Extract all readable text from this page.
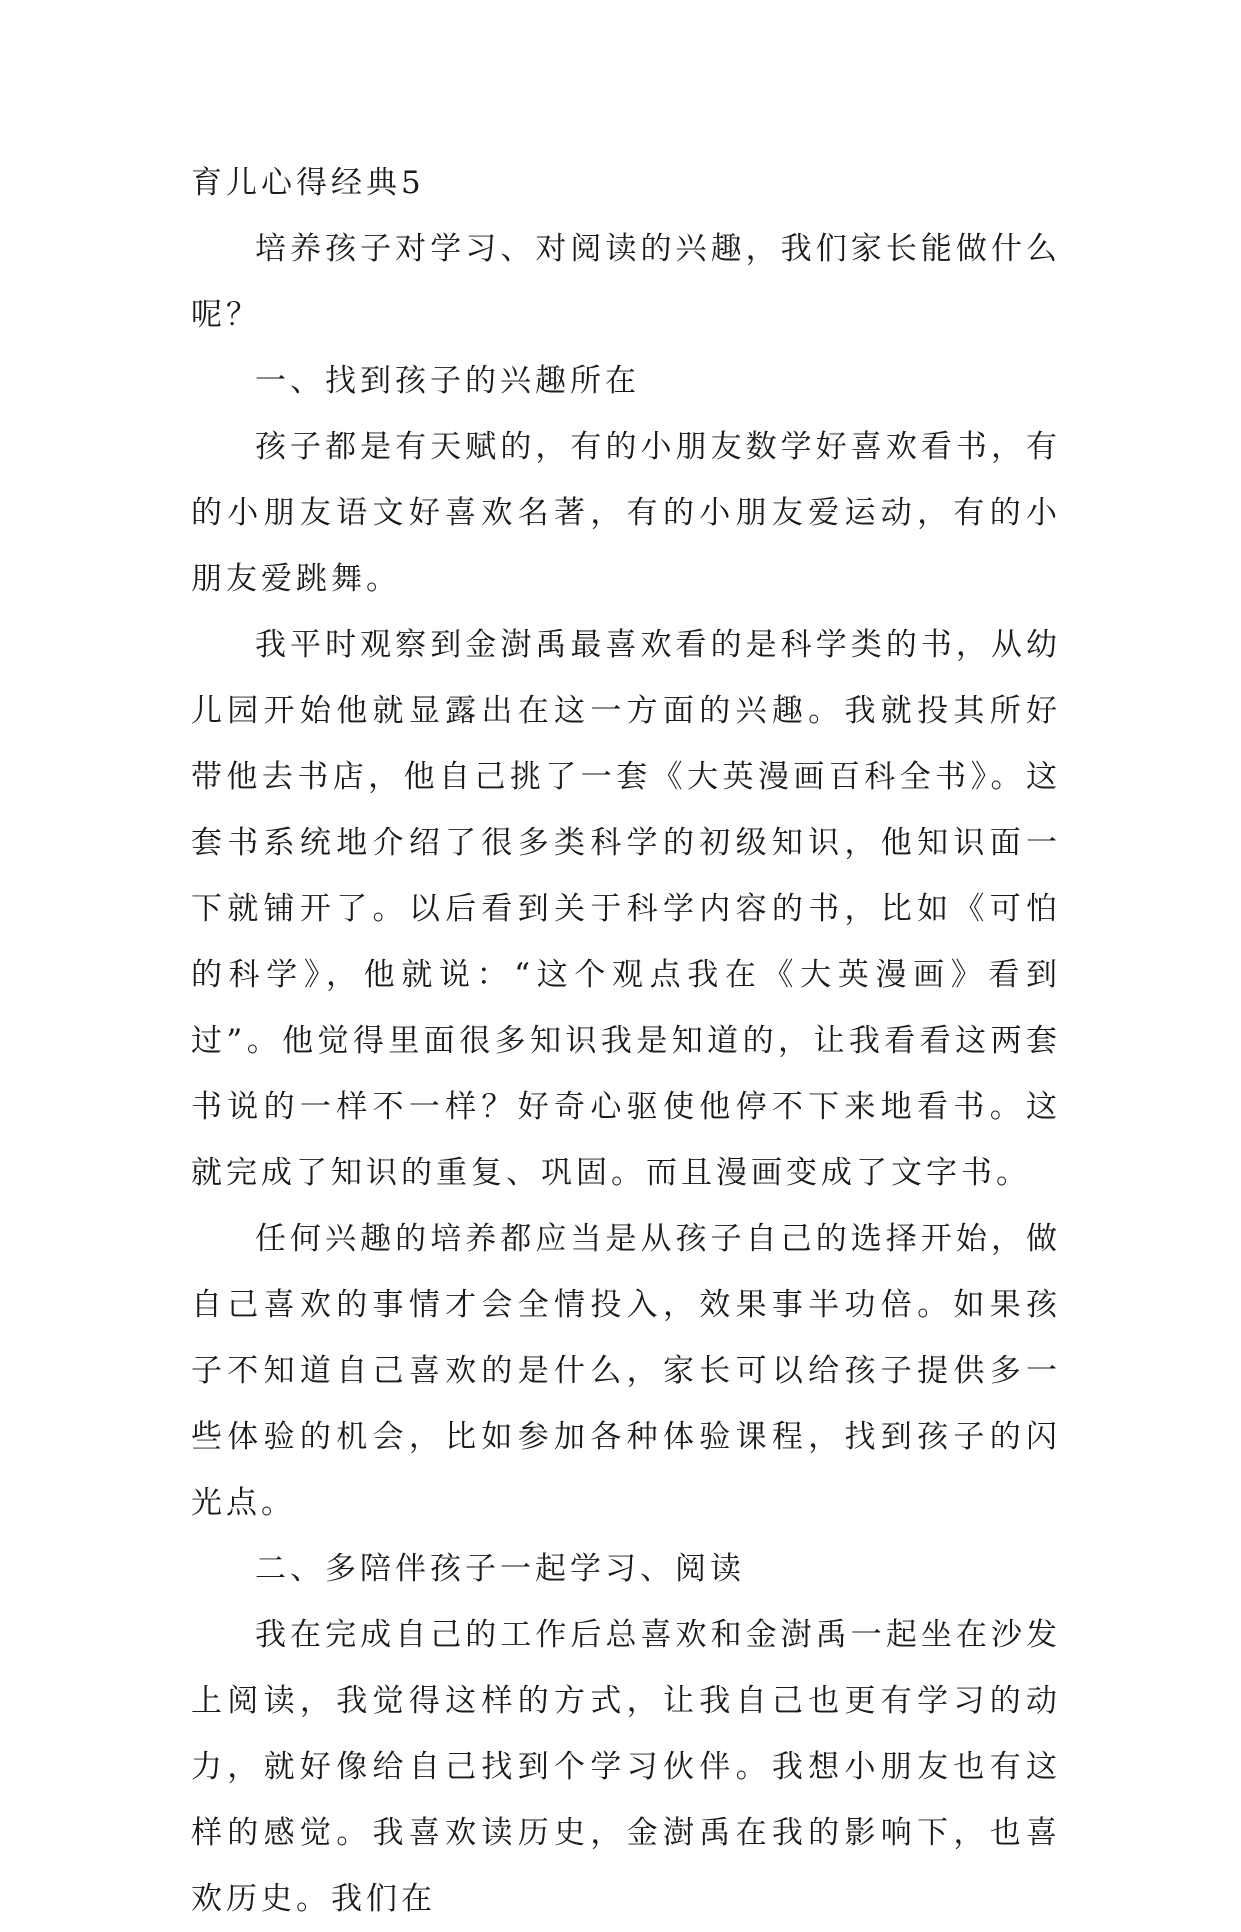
育儿心得经典5

培养孩子对学习、对阅读的兴趣，我们家长能做什么呢？

一、找到孩子的兴趣所在

孩子都是有天赋的，有的小朋友数学好喜欢看书，有的小朋友语文好喜欢名著，有的小朋友爱运动，有的小朋友爱跳舞。

我平时观察到金澍禹最喜欢看的是科学类的书，从幼儿园开始他就显露出在这一方面的兴趣。我就投其所好带他去书店，他自己挑了一套《大英漫画百科全书》。这套书系统地介绍了很多类科学的初级知识，他知识面一下就铺开了。以后看到关于科学内容的书，比如《可怕的科学》，他就说：“这个观点我在《大英漫画》看到过”。他觉得里面很多知识我是知道的，让我看看这两套书说的一样不一样？好奇心驱使他停不下来地看书。这就完成了知识的重复、巩固。而且漫画变成了文字书。

任何兴趣的培养都应当是从孩子自己的选择开始，做自己喜欢的事情才会全情投入，效果事半功倍。如果孩子不知道自己喜欢的是什么，家长可以给孩子提供多一些体验的机会，比如参加各种体验课程，找到孩子的闪光点。

二、多陪伴孩子一起学习、阅读

我在完成自己的工作后总喜欢和金澍禹一起坐在沙发上阅读，我觉得这样的方式，让我自己也更有学习的动力，就好像给自己找到个学习伙伴。我想小朋友也有这样的感觉。我喜欢读历史，金澍禹在我的影响下，也喜欢历史。我们在
